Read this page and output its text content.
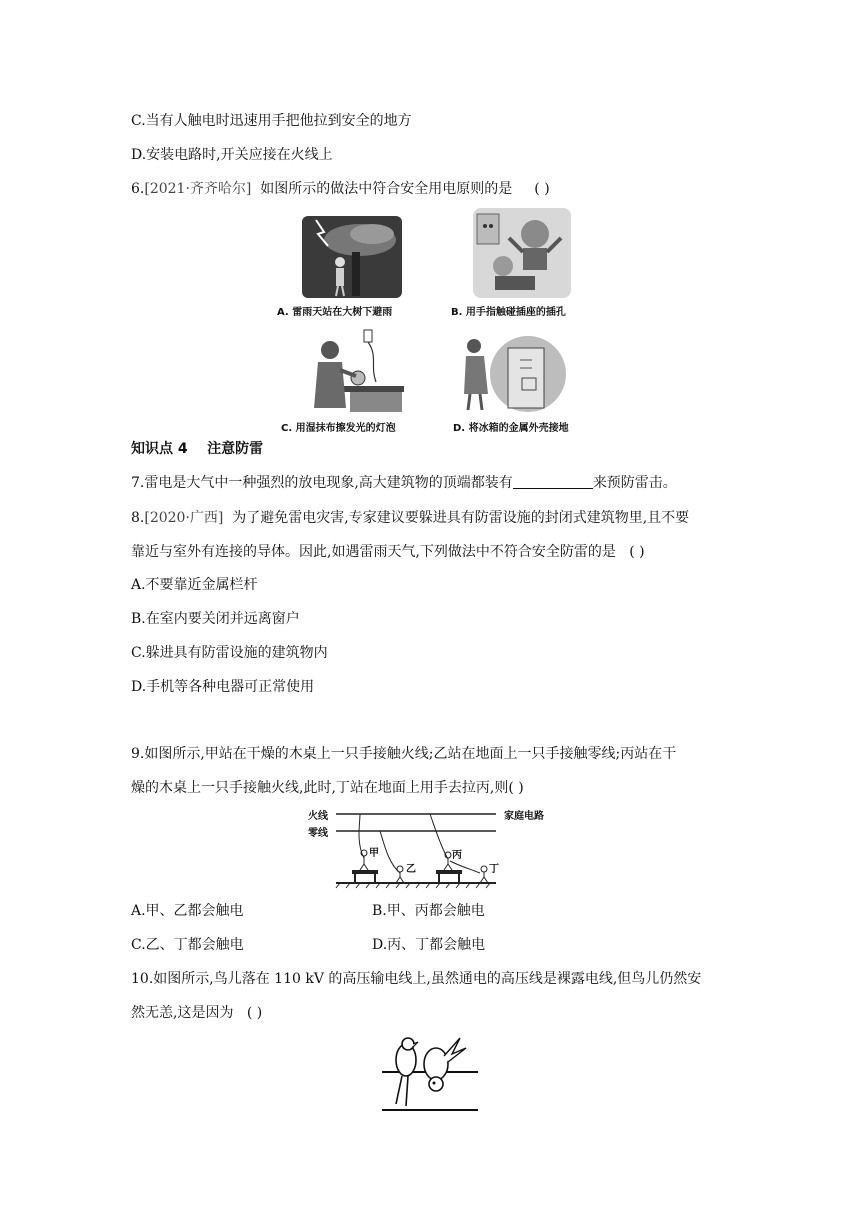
C.当有人触电时迅速用手把他拉到安全的地方
D.安装电路时,开关应接在火线上
6.[2021·齐齐哈尔] 如图所示的做法中符合安全用电原则的是 ( )
A. 雷雨天站在大树下避雨	B. 用手指触碰插座的插孔
C. 用湿抹布擦发光的灯泡	D. 将冰箱的金属外壳接地
知识点 4 注意防雷
7.雷电是大气中一种强烈的放电现象,高大建筑物的顶端都装有	来预防雷击。
8.[2020·广西] 为了避免雷电灾害,专家建议要躲进具有防雷设施的封闭式建筑物里,且不要
靠近与室外有连接的导体。因此,如遇雷雨天气,下列做法中不符合安全防雷的是 ( )
A.不要靠近金属栏杆
B.在室内要关闭并远离窗户
C.躲进具有防雷设施的建筑物内
D.手机等各种电器可正常使用
9.如图所示,甲站在干燥的木桌上一只手接触火线;乙站在地面上一只手接触零线;丙站在干
燥的木桌上一只手接触火线,此时,丁站在地面上用手去拉丙,则( )
火线
零线
家庭电路
甲
乙
丙
丁
A.甲、乙都会触电	B.甲、丙都会触电
C.乙、丁都会触电	D.丙、丁都会触电
10.如图所示,鸟儿落在 110 kV 的高压输电线上,虽然通电的高压线是裸露电线,但鸟儿仍然安
然无恙,这是因为 ( )
